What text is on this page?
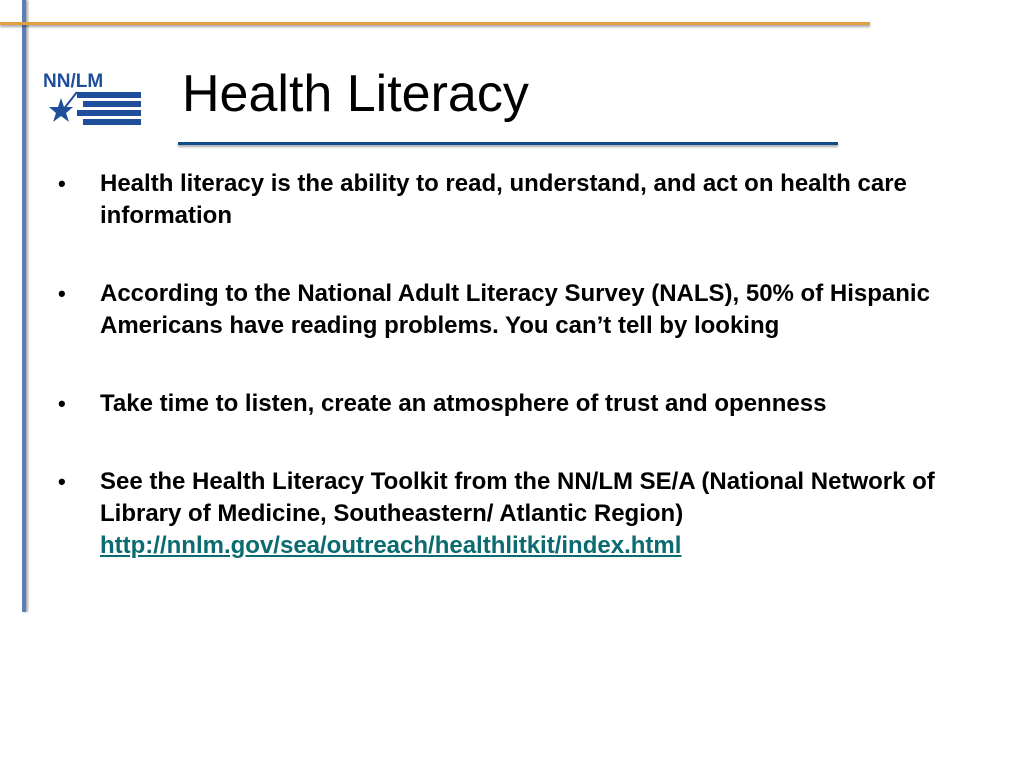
NN/LM Health Literacy
• Health literacy is the ability to read, understand, and act on health care information
• According to the National Adult Literacy Survey (NALS), 50% of Hispanic Americans have reading problems. You can’t tell by looking
• Take time to listen, create an atmosphere of trust and openness
• See the Health Literacy Toolkit from the NN/LM SE/A (National Network of Library of Medicine, Southeastern/ Atlantic Region)
http://nnlm.gov/sea/outreach/healthlitkit/index.html
